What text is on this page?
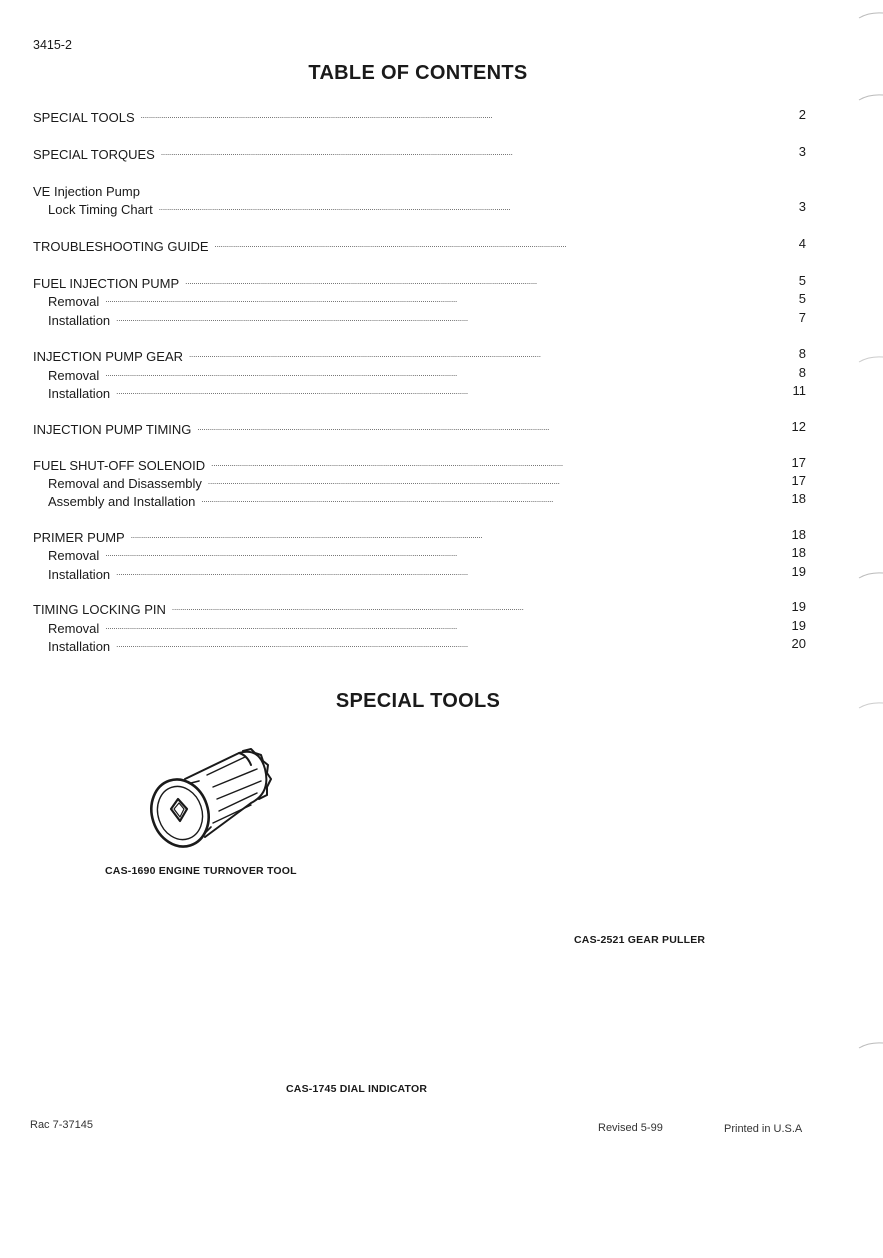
3415-2
TABLE OF CONTENTS
SPECIAL TOOLS . . .	2
SPECIAL TORQUES . . .	3
VE Injection Pump
Lock Timing Chart . . .	3
TROUBLESHOOTING GUIDE . . .	4
FUEL INJECTION PUMP . . .	5
Removal . . .	5
Installation . . .	7
INJECTION PUMP GEAR . . .	8
Removal . . .	8
Installation . . .	11
INJECTION PUMP TIMING . . .	12
FUEL SHUT-OFF SOLENOID . . .	17
Removal and Disassembly . . .	17
Assembly and Installation . . .	18
PRIMER PUMP . . .	18
Removal . . .	18
Installation . . .	19
TIMING LOCKING PIN . . .	19
Removal . . .	19
Installation . . .	20
SPECIAL TOOLS
CAS-1690 ENGINE TURNOVER TOOL
CAS-2521 GEAR PULLER
CAS-1745 DIAL INDICATOR
Rac 7-37145	Revised 5-99	Printed in U.S.A
